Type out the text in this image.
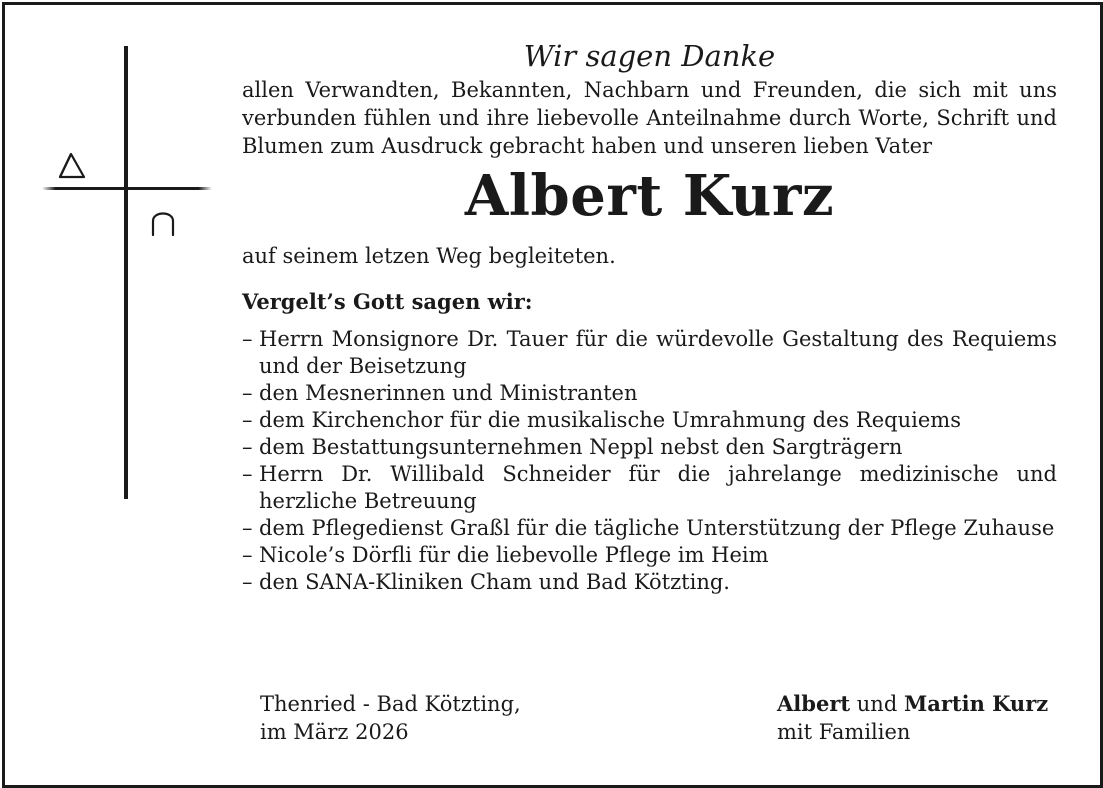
Wir sagen Danke
allen Verwandten, Bekannten, Nachbarn und Freunden, die sich mit uns verbunden fühlen und ihre liebevolle Anteilnahme durch Worte, Schrift und Blumen zum Ausdruck gebracht haben und unseren lieben Vater
Albert Kurz
auf seinem letzen Weg begleiteten.
Vergelt’s Gott sagen wir:
– Herrn Monsignore Dr. Tauer für die würdevolle Gestaltung des Requiems und der Beisetzung
– den Mesnerinnen und Ministranten
– dem Kirchenchor für die musikalische Umrahmung des Requiems
– dem Bestattungsunternehmen Neppl nebst den Sargträgern
– Herrn Dr. Willibald Schneider für die jahrelange medizinische und herzliche Betreuung
– dem Pflegedienst Graßl für die tägliche Unterstützung der Pflege Zuhause
– Nicole’s Dörfli für die liebevolle Pflege im Heim
– den SANA-Kliniken Cham und Bad Kötzting.
Thenried - Bad Kötzting,
im März 2026
Albert und Martin Kurz
mit Familien
